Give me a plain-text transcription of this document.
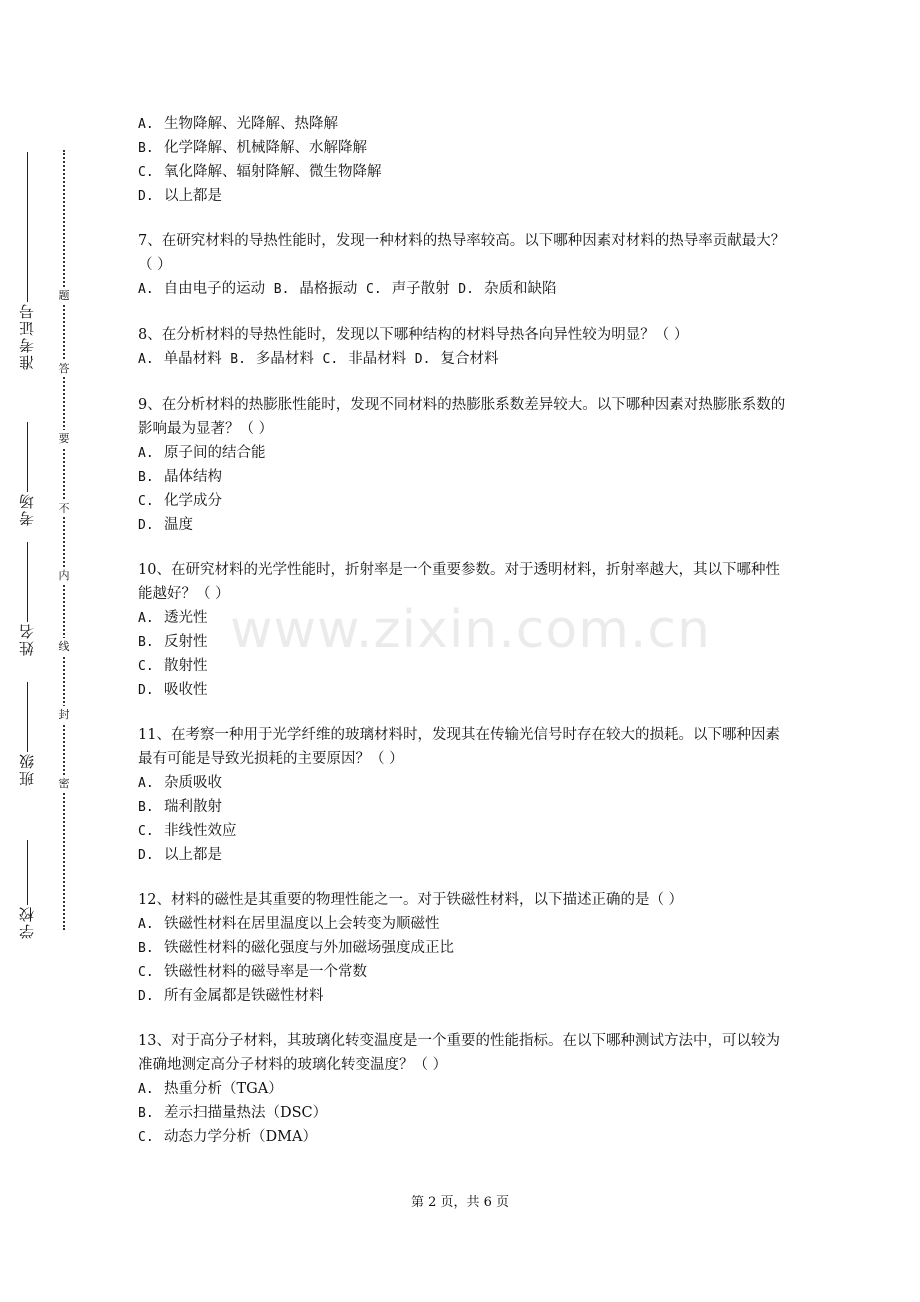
准考证号
考场
姓名
班级
学校
题
答
要
不
内
线
封
密
A. 生物降解、光降解、热降解
B. 化学降解、机械降解、水解降解
C. 氧化降解、辐射降解、微生物降解
D. 以上都是
7、在研究材料的导热性能时，发现一种材料的热导率较高。以下哪种因素对材料的热导率贡献最大？（ ）
A. 自由电子的运动 B. 晶格振动 C. 声子散射 D. 杂质和缺陷
8、在分析材料的导热性能时，发现以下哪种结构的材料导热各向异性较为明显？（ ）
A. 单晶材料 B. 多晶材料 C. 非晶材料 D. 复合材料
9、在分析材料的热膨胀性能时，发现不同材料的热膨胀系数差异较大。以下哪种因素对热膨胀系数的影响最为显著？（ ）
A. 原子间的结合能
B. 晶体结构
C. 化学成分
D. 温度
10、在研究材料的光学性能时，折射率是一个重要参数。对于透明材料，折射率越大，其以下哪种性能越好？（ ）
A. 透光性
B. 反射性
C. 散射性
D. 吸收性
11、在考察一种用于光学纤维的玻璃材料时，发现其在传输光信号时存在较大的损耗。以下哪种因素最有可能是导致光损耗的主要原因？（ ）
A. 杂质吸收
B. 瑞利散射
C. 非线性效应
D. 以上都是
12、材料的磁性是其重要的物理性能之一。对于铁磁性材料，以下描述正确的是（ ）
A. 铁磁性材料在居里温度以上会转变为顺磁性
B. 铁磁性材料的磁化强度与外加磁场强度成正比
C. 铁磁性材料的磁导率是一个常数
D. 所有金属都是铁磁性材料
13、对于高分子材料，其玻璃化转变温度是一个重要的性能指标。在以下哪种测试方法中，可以较为准确地测定高分子材料的玻璃化转变温度？（ ）
A. 热重分析（TGA）
B. 差示扫描量热法（DSC）
C. 动态力学分析（DMA）
www.zixin.com.cn
第 2 页，共 6 页
